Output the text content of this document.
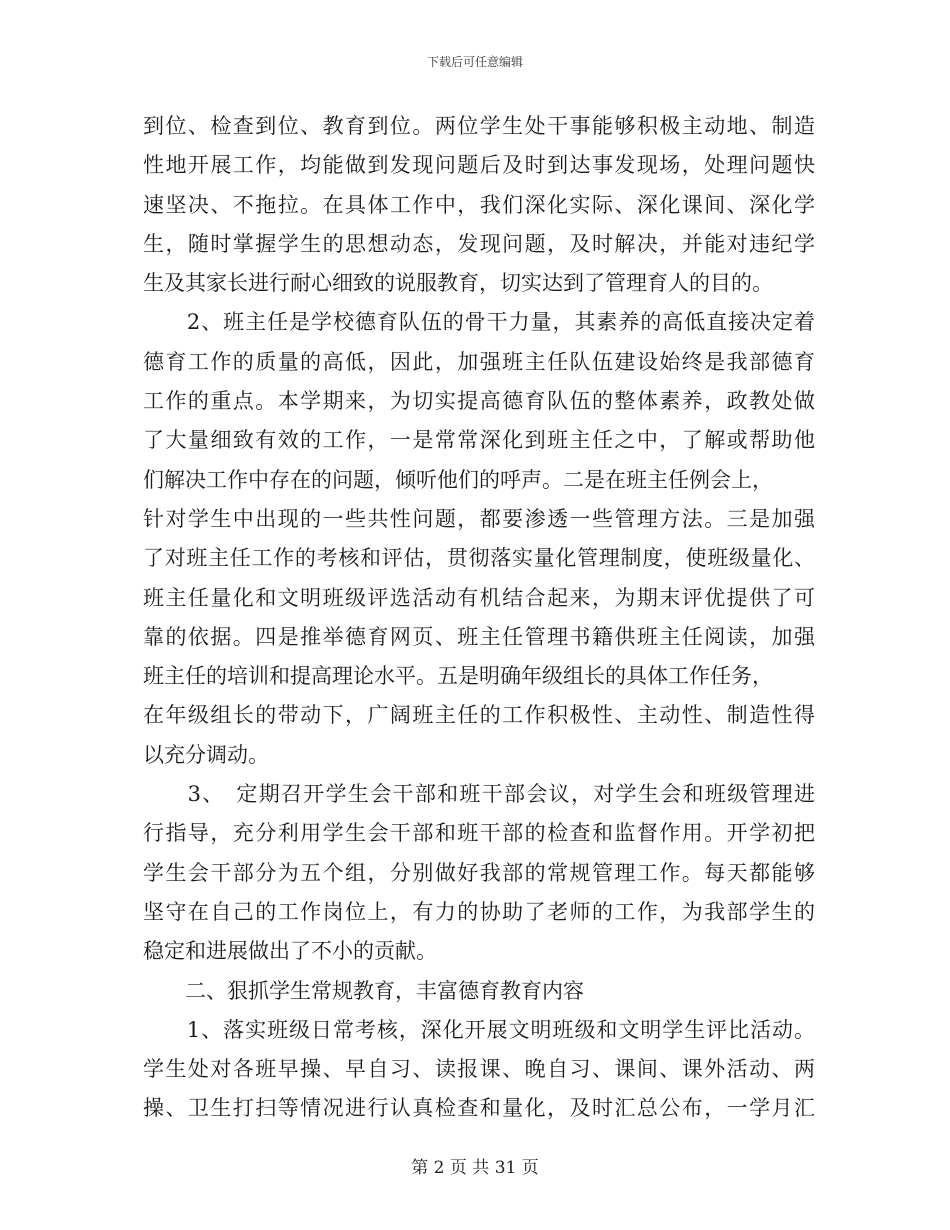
下载后可任意编辑
到位、检查到位、教育到位。两位学生处干事能够积极主动地、制造
性地开展工作，均能做到发现问题后及时到达事发现场，处理问题快
速坚决、不拖拉。在具体工作中，我们深化实际、深化课间、深化学
生，随时掌握学生的思想动态，发现问题，及时解决，并能对违纪学
生及其家长进行耐心细致的说服教育，切实达到了管理育人的目的。
　　2、班主任是学校德育队伍的骨干力量，其素养的高低直接决定着
德育工作的质量的高低，因此，加强班主任队伍建设始终是我部德育
工作的重点。本学期来，为切实提高德育队伍的整体素养，政教处做
了大量细致有效的工作，一是常常深化到班主任之中，了解或帮助他
们解决工作中存在的问题，倾听他们的呼声。二是在班主任例会上，
针对学生中出现的一些共性问题，都要渗透一些管理方法。三是加强
了对班主任工作的考核和评估，贯彻落实量化管理制度，使班级量化、
班主任量化和文明班级评选活动有机结合起来，为期末评优提供了可
靠的依据。四是推举德育网页、班主任管理书籍供班主任阅读，加强
班主任的培训和提高理论水平。五是明确年级组长的具体工作任务，
在年级组长的带动下，广阔班主任的工作积极性、主动性、制造性得
以充分调动。
　　3、　定期召开学生会干部和班干部会议，对学生会和班级管理进
行指导，充分利用学生会干部和班干部的检查和监督作用。开学初把
学生会干部分为五个组，分别做好我部的常规管理工作。每天都能够
坚守在自己的工作岗位上，有力的协助了老师的工作，为我部学生的
稳定和进展做出了不小的贡献。
　　二、狠抓学生常规教育，丰富德育教育内容
　　1、落实班级日常考核，深化开展文明班级和文明学生评比活动。
学生处对各班早操、早自习、读报课、晚自习、课间、课外活动、两
操、卫生打扫等情况进行认真检查和量化，及时汇总公布，一学月汇
第 2 页 共 31 页
